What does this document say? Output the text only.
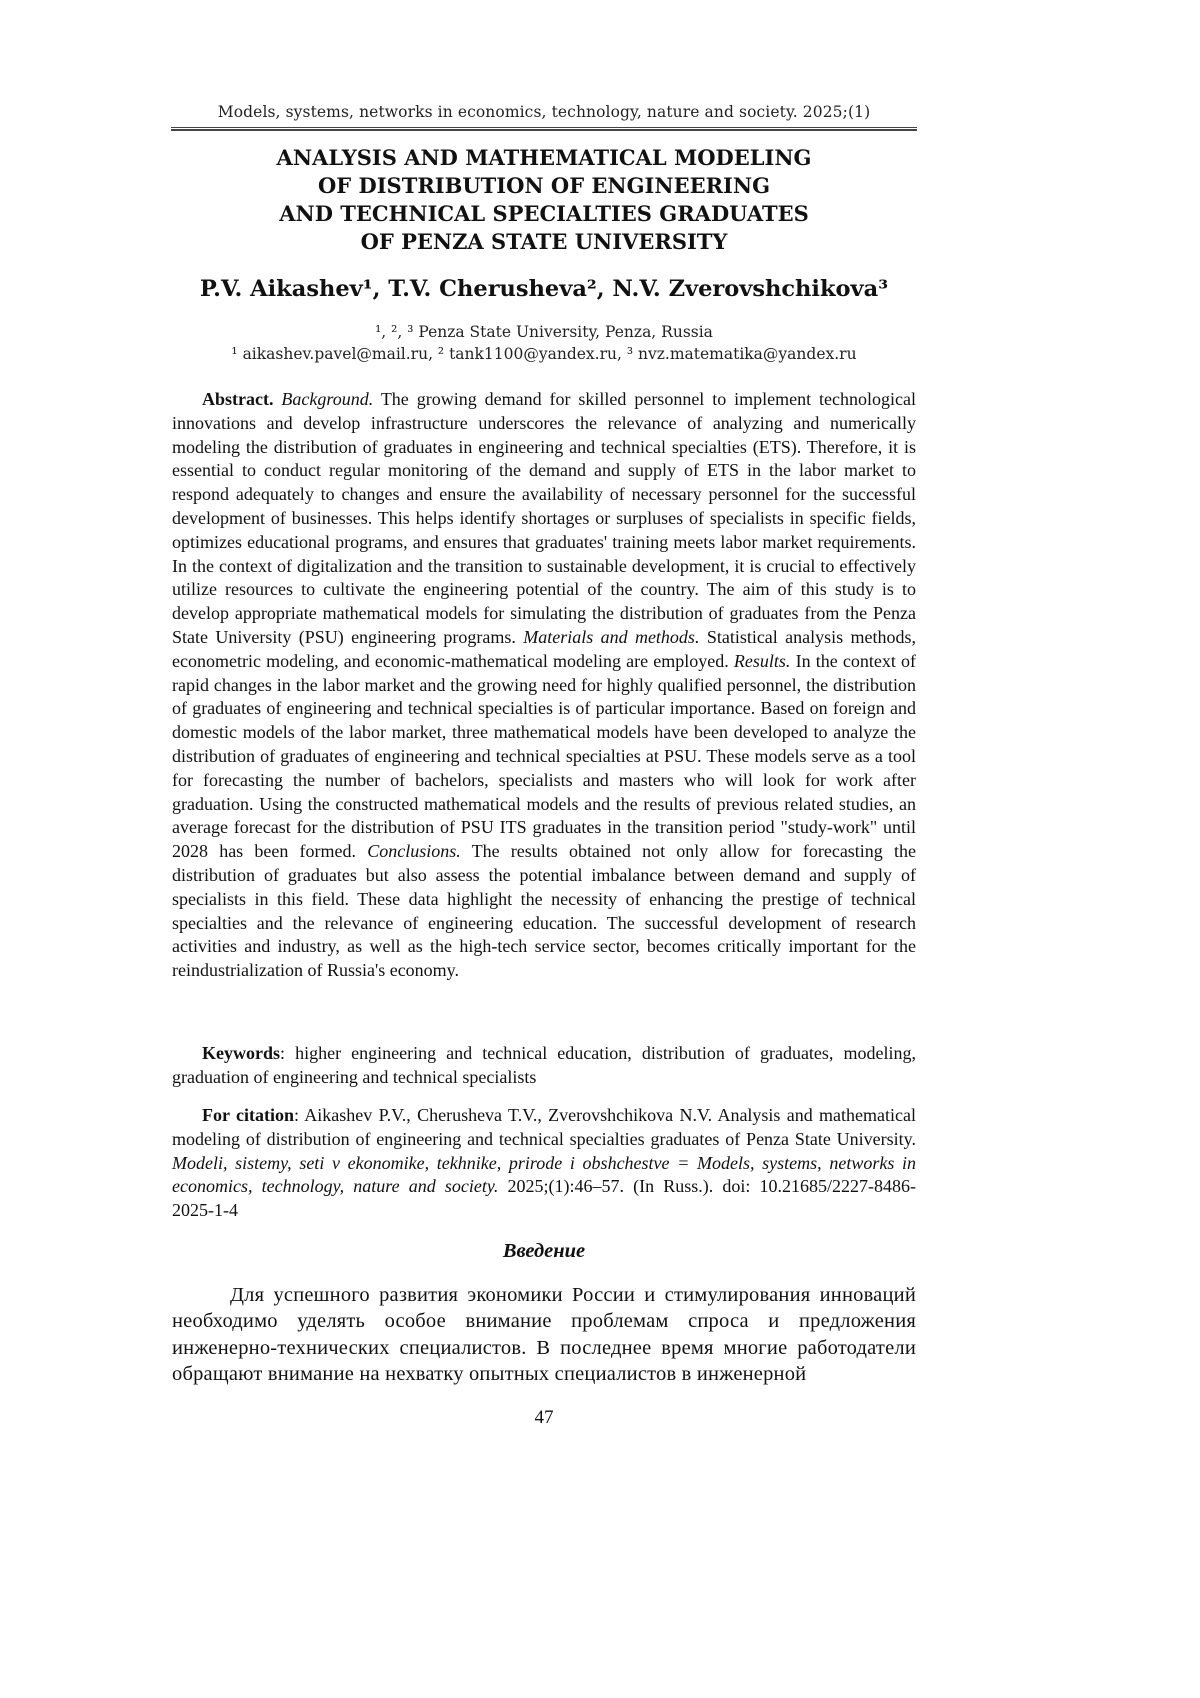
Models, systems, networks in economics, technology, nature and society. 2025;(1)
ANALYSIS AND MATHEMATICAL MODELING
OF DISTRIBUTION OF ENGINEERING
AND TECHNICAL SPECIALTIES GRADUATES
OF PENZA STATE UNIVERSITY
P.V. Aikashev¹, T.V. Cherusheva², N.V. Zverovshchikova³
¹, ², ³ Penza State University, Penza, Russia
¹ aikashev.pavel@mail.ru, ² tank1100@yandex.ru, ³ nvz.matematika@yandex.ru

Abstract. Background. The growing demand for skilled personnel to implement technological innovations and develop infrastructure underscores the relevance of analyzing and numerically modeling the distribution of graduates in engineering and technical specialties (ETS). Therefore, it is essential to conduct regular monitoring of the demand and supply of ETS in the labor market to respond adequately to changes and ensure the availability of necessary personnel for the successful development of businesses. This helps identify shortages or surpluses of specialists in specific fields, optimizes educational programs, and ensures that graduates' training meets labor market requirements. In the context of digitalization and the transition to sustainable development, it is crucial to effectively utilize resources to cultivate the engineering potential of the country. The aim of this study is to develop appropriate mathematical models for simulating the distribution of graduates from the Penza State University (PSU) engineering programs. Materials and methods. Statistical analysis methods, econometric modeling, and economic-mathematical modeling are employed. Results. In the context of rapid changes in the labor market and the growing need for highly qualified personnel, the distribution of graduates of engineering and technical specialties is of particular importance. Based on foreign and domestic models of the labor market, three mathematical models have been developed to analyze the distribution of graduates of engineering and technical specialties at PSU. These models serve as a tool for forecasting the number of bachelors, specialists and masters who will look for work after graduation. Using the constructed mathematical models and the results of previous related studies, an average forecast for the distribution of PSU ITS graduates in the transition period "study-work" until 2028 has been formed. Conclusions. The results obtained not only allow for forecasting the distribution of graduates but also assess the potential imbalance between demand and supply of specialists in this field. These data highlight the necessity of enhancing the prestige of technical specialties and the relevance of engineering education. The successful development of research activities and industry, as well as the high-tech service sector, becomes critically important for the reindustrialization of Russia's economy.

Keywords: higher engineering and technical education, distribution of graduates, modeling, graduation of engineering and technical specialists

For citation: Aikashev P.V., Cherusheva T.V., Zverovshchikova N.V. Analysis and mathematical modeling of distribution of engineering and technical specialties graduates of Penza State University. Modeli, sistemy, seti v ekonomike, tekhnike, prirode i obshchestve = Models, systems, networks in economics, technology, nature and society. 2025;(1):46–57. (In Russ.). doi: 10.21685/2227-8486-2025-1-4

Введение

Для успешного развития экономики России и стимулирования инноваций необходимо уделять особое внимание проблемам спроса и предложения инженерно-технических специалистов. В последнее время многие работодатели обращают внимание на нехватку опытных специалистов в инженерной

47
